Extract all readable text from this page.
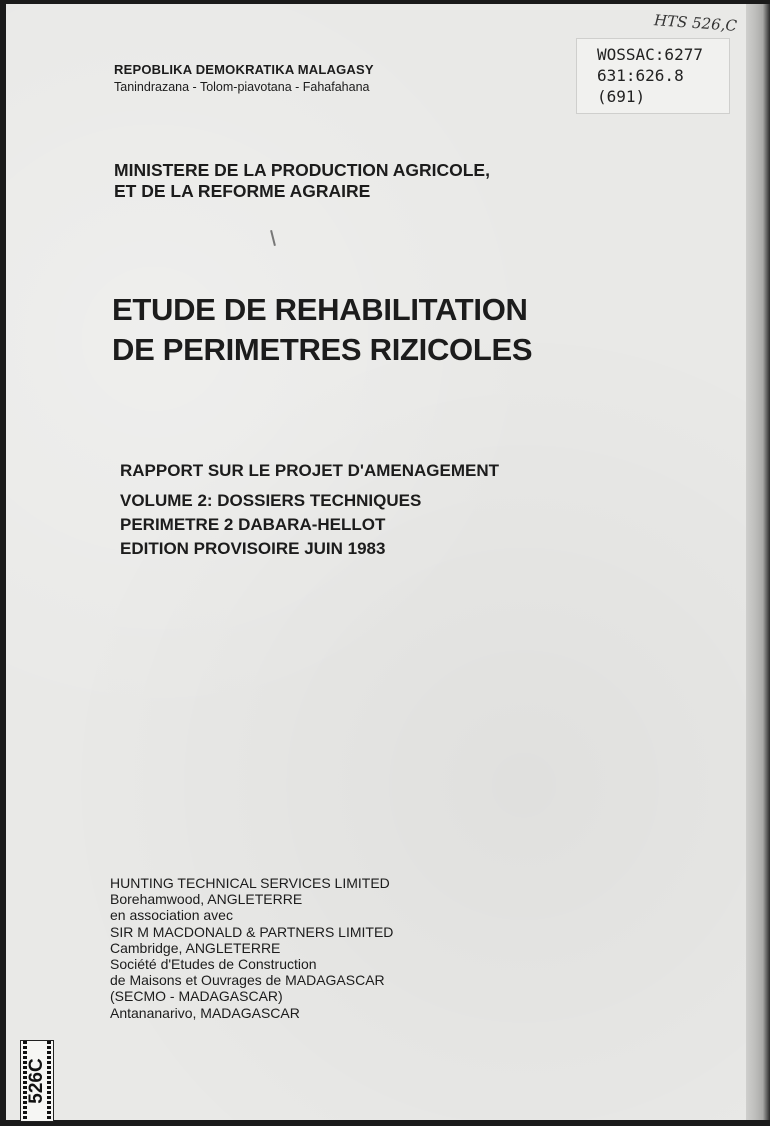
REPOBLIKA DEMOKRATIKA MALAGASY
Tanindrazana - Tolom-piavotana - Fahafahana
MINISTERE DE LA PRODUCTION AGRICOLE,
ET DE LA REFORME AGRAIRE
ETUDE DE REHABILITATION
DE PERIMETRES RIZICOLES
RAPPORT SUR LE PROJET D'AMENAGEMENT
VOLUME 2: DOSSIERS TECHNIQUES
PERIMETRE 2 DABARA-HELLOT
EDITION PROVISOIRE JUIN 1983
HUNTING TECHNICAL SERVICES LIMITED
Borehamwood, ANGLETERRE
en association avec
SIR M MACDONALD & PARTNERS LIMITED
Cambridge, ANGLETERRE
Société d'Etudes de Construction
de Maisons et Ouvrages de MADAGASCAR
(SECMO - MADAGASCAR)
Antananarivo, MADAGASCAR
WOSSAC:6277
631:626.8
(691)
HTS 526,C
526C
